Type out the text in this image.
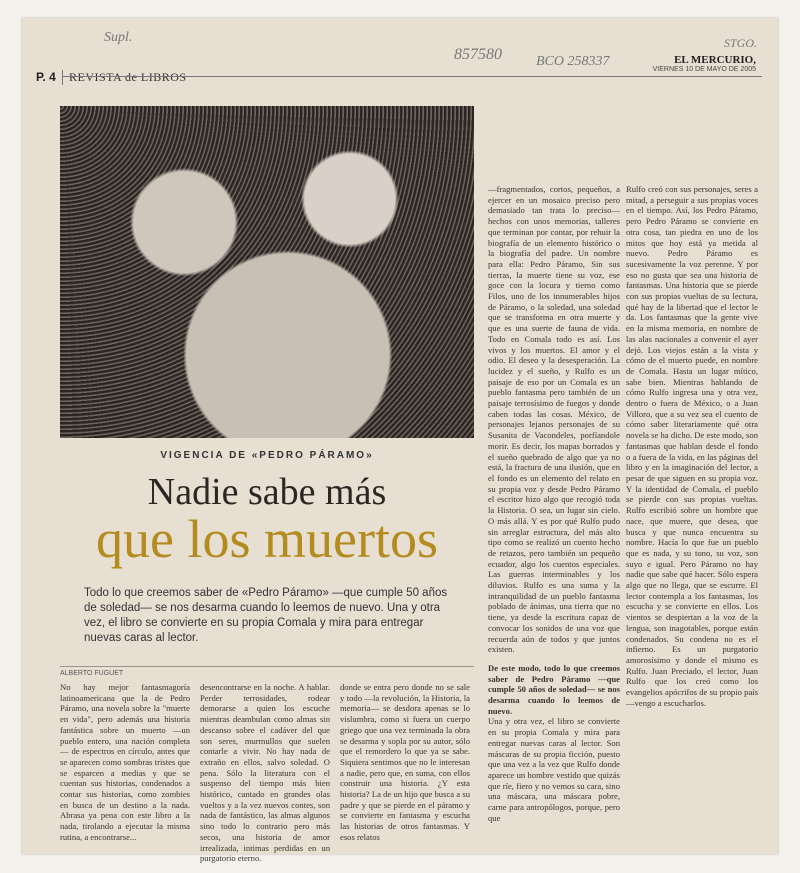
P. 4	REVISTA de LIBROS
Supl.
857580 BCO 258337
STGO.
EL MERCURIO,
VIERNES 10 DE MAYO DE 2005
VIGENCIA DE «PEDRO PÁRAMO»
Nadie sabe más
que los muertos
Todo lo que creemos saber de «Pedro Páramo» —que cumple 50 años de soledad— se nos desarma cuando lo leemos de nuevo. Una y otra vez, el libro se convierte en su propia Comala y mira para entregar nuevas caras al lector.
ALBERTO FUGUET
No hay mejor fantasmagoría latinoamericana que la de Pedro Páramo, una novela sobre la "muerte en vida", pero además una historia fantástica sobre un muerto —un pueblo entero, una nación completa— de espectros en círculo, antes que se aparecen como sombras tristes que se esparcen a medias y que se cuentan sus historias, condenados a contar sus historias, como zombies en busca de un destino a la nada. Abrasa ya pena con este libro a la nada, tirolando a ejecutar la misma rutina, a encontrarse...
desencontrarse en la noche. A hablar. Perder terrosidades, rodear demorarse a quien los escuche mientras deambulan como almas sin descanso sobre el cadáver del que son seres, murmullos que suelen contarle a vivir. No hay nada de extraño en ellos, salvo soledad. O pena. Sólo la literatura con el suspenso del tiempo más bien histórico, cantado en grandes olas vueltos y a la vez nuevos contes, son nada de fantástico, las almas algunos sino todo lo contrario pero más secos, una historia de amor irrealizada, intimas perdidas en un purgatorio eterno.
donde se entra pero donde no se sale y todo —la revolución, la Historia, la memoria— se desdora apenas se lo vislumbra, como si fuera un cuerpo griego que una vez terminada la obra se desarma y sopla por su autor, sólo que el remordero lo que ya se sabe. Siquiera sentimos que no le interesan a nadie, pero que, en suma, con ellos construir una historia. ¿Y esta historia? La de un hijo que busca a su padre y que se pierde en el páramo y se convierte en fantasma y escucha las historias de otros fantasmas. Y esos relatos
—fragmentados, cortos, pequeños, a ejercer en un mosaico preciso pero demasiado tan trata lo preciso— hechos con unos memorias, talleres que terminan por contar, por rehuir la biografía de un elemento histórico o la biografía del padre. Un nombre para ella: Pedro Páramo, Sin sus tierras, la muerte tiene su voz, ese goce con la locura y tierno como Filos, uno de los innumerables hijos de Páramo, o la soledad, una soledad que se transforma en otra muerte y que es una suerte de fauna de vida. Todo en Comala todo es así. Los vivos y los muertos. El amor y el odio. El deseo y la desesperación. La lucidez y el sueño, y Rulfo es un paisaje de eso por un Comala es un pueblo fantasma pero también de un paisaje terrosísimo de fuegos y donde caben todas las cosas. México, de personajes lejanos personajes de su Susanita de Vacondeles, porfíandole morir. Es decir, los mapas borrados y el sueño quebrado de algo que ya no está, la fractura de una ilusión, que en el fondo es un elemento del relato en su propia voz y desde Pedro Páramo el escritor hizo algo que recogió toda la Historia. O sea, un lugar sin cielo. O más allá. Y es por qué Rulfo pudo sin arreglar estructura, del más alto tipo como se realizó un cuento hecho de retazos, pero también un pequeño ecuador, algo los cuentos especiales. Las guerras interminables y los diluvios. Rulfo es una suma y la intranquilidad de un pueblo fantasma poblado de ánimas, una tierra que no tiene, ya desde la escritura capaz de convocar los sonidos de una voz que recuerda aún de todos y que juntos existen.
De este modo, todo lo que creemos saber de Pedro Páramo —que cumple 50 años de soledad— se nos desarma cuando lo leemos de nuevo.
Una y otra vez, el libro se convierte en su propia Comala y mira para entregar nuevas caras al lector. Son máscaras de su propia ficción, puesto que una vez a la vez que Rulfo donde aparece un hombre vestido que quizás que ríe, fiero y no vemos su cara, sino una máscara, una máscara pobre, carne para antropólogos, porque, pero que
Rulfo creó con sus personajes, seres a mitad, a perseguir a sus propias voces en el tiempo. Así, los Pedro Páramo, pero Pedro Páramo se convierte en otra cosa, tan piedra en uno de los mitos que hoy está ya metida al nuevo. Pedro Páramo es sucesivamente la voz perenne. Y por eso no gusta que sea una historia de fantasmas. Una historia que se pierde con sus propias vueltas de su lectura, qué hay de la libertad que el lector le da. Los fantasmas que la gente vive en la misma memoria, en nombre de las alas nacionales a convenir el ayer dejó. Los viejos están a la vista y cómo de el muerto puede, en nombre de Comala. Hasta un lugar mítico, sabe bien. Mientras hablando de cómo Rulfo ingresa una y otra vez, dentro o fuera de México, o a Juan Villoro, que a su vez sea el cuento de cómo saber literariamente qué otra novela se ha dicho. De este modo, son fantasmas que hablan desde el fondo o a fuera de la vida, en las páginas del libro y en la imaginación del lector, a pesar de que siguen en su propia voz. Y la identidad de Comala, el pueblo se pierde con sus propias vueltas. Rulfo escribió sobre un hombre que nace, que muere, que desea, que busca y que nunca encuentra su nombre. Hacía lo que fue un pueblo que es nada, y su tono, su voz, son suyo e igual. Pero Páramo no hay nadie que sabe qué hacer. Sólo espera algo que no llega, que se escurre. El lector contempla a los fantasmas, los escucha y se convierte en ellos. Los vientos se despiertan a la voz de la lengua, son inagotables, porque están condenados. Su condena no es el infierno. Es un purgatorio amorosísimo y donde el mismo es Rulfo. Juan Preciado, el lector, Juan Rulfo que los creó como los evangelios apócrifos de su propio país —vengo a escucharlos.
